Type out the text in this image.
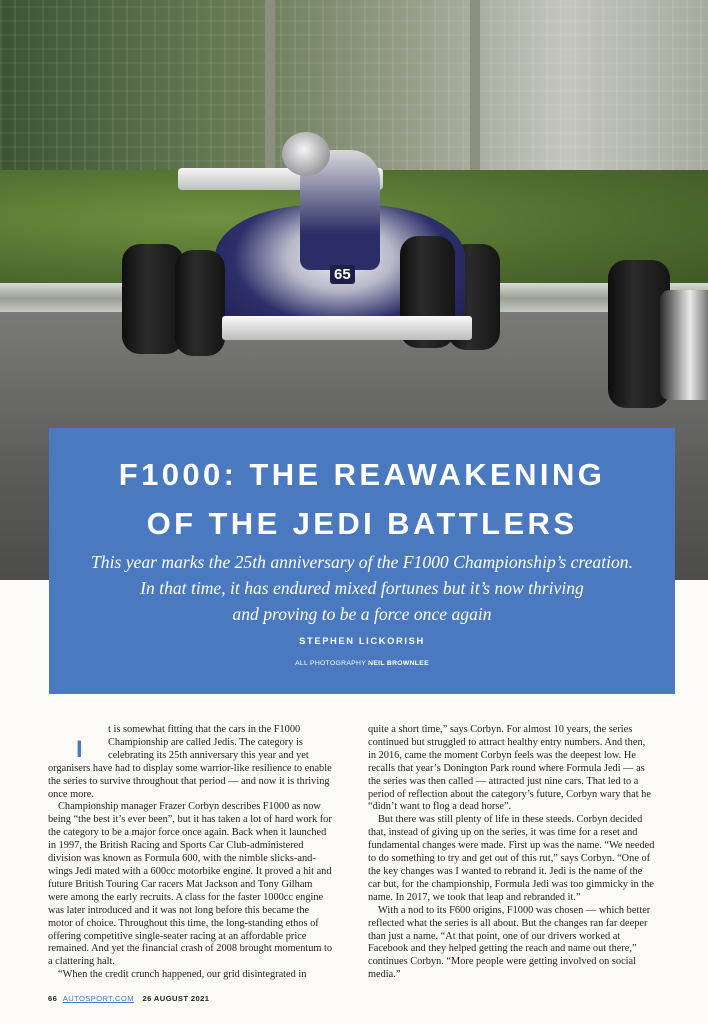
65
F1000: THE REAWAKENING
OF THE JEDI BATTLERS
This year marks the 25th anniversary of the F1000 Championship’s creation.
In that time, it has endured mixed fortunes but it’s now thriving
and proving to be a force once again
STEPHEN LICKORISH
ALL PHOTOGRAPHY NEIL BROWNLEE
I

t is somewhat fitting that the cars in the F1000 Championship are called Jedis. The category is celebrating its 25th anniversary this year and yet organisers have had to display some warrior-like resilience to enable the series to survive throughout that period — and now it is thriving once more.

Championship manager Frazer Corbyn describes F1000 as now being “the best it’s ever been”, but it has taken a lot of hard work for the category to be a major force once again. Back when it launched in 1997, the British Racing and Sports Car Club-administered division was known as Formula 600, with the nimble slicks-and-wings Jedi mated with a 600cc motorbike engine. It proved a hit and future British Touring Car racers Mat Jackson and Tony Gilham were among the early recruits. A class for the faster 1000cc engine was later introduced and it was not long before this became the motor of choice. Throughout this time, the long-standing ethos of offering competitive single-seater racing at an affordable price remained. And yet the financial crash of 2008 brought momentum to a clattering halt.

“When the credit crunch happened, our grid disintegrated in

quite a short time,” says Corbyn. For almost 10 years, the series continued but struggled to attract healthy entry numbers. And then, in 2016, came the moment Corbyn feels was the deepest low. He recalls that year’s Donington Park round where Formula Jedi — as the series was then called — attracted just nine cars. That led to a period of reflection about the category’s future, Corbyn wary that he “didn’t want to flog a dead horse”.

But there was still plenty of life in these steeds. Corbyn decided that, instead of giving up on the series, it was time for a reset and fundamental changes were made. First up was the name. “We needed to do something to try and get out of this rut,” says Corbyn. “One of the key changes was I wanted to rebrand it. Jedi is the name of the car but, for the championship, Formula Jedi was too gimmicky in the name. In 2017, we took that leap and rebranded it.”

With a nod to its F600 origins, F1000 was chosen — which better reflected what the series is all about. But the changes ran far deeper than just a name. “At that point, one of our drivers worked at Facebook and they helped getting the reach and name out there,” continues Corbyn. “More people were getting involved on social media.”

66 AUTOSPORT.COM 26 AUGUST 2021
